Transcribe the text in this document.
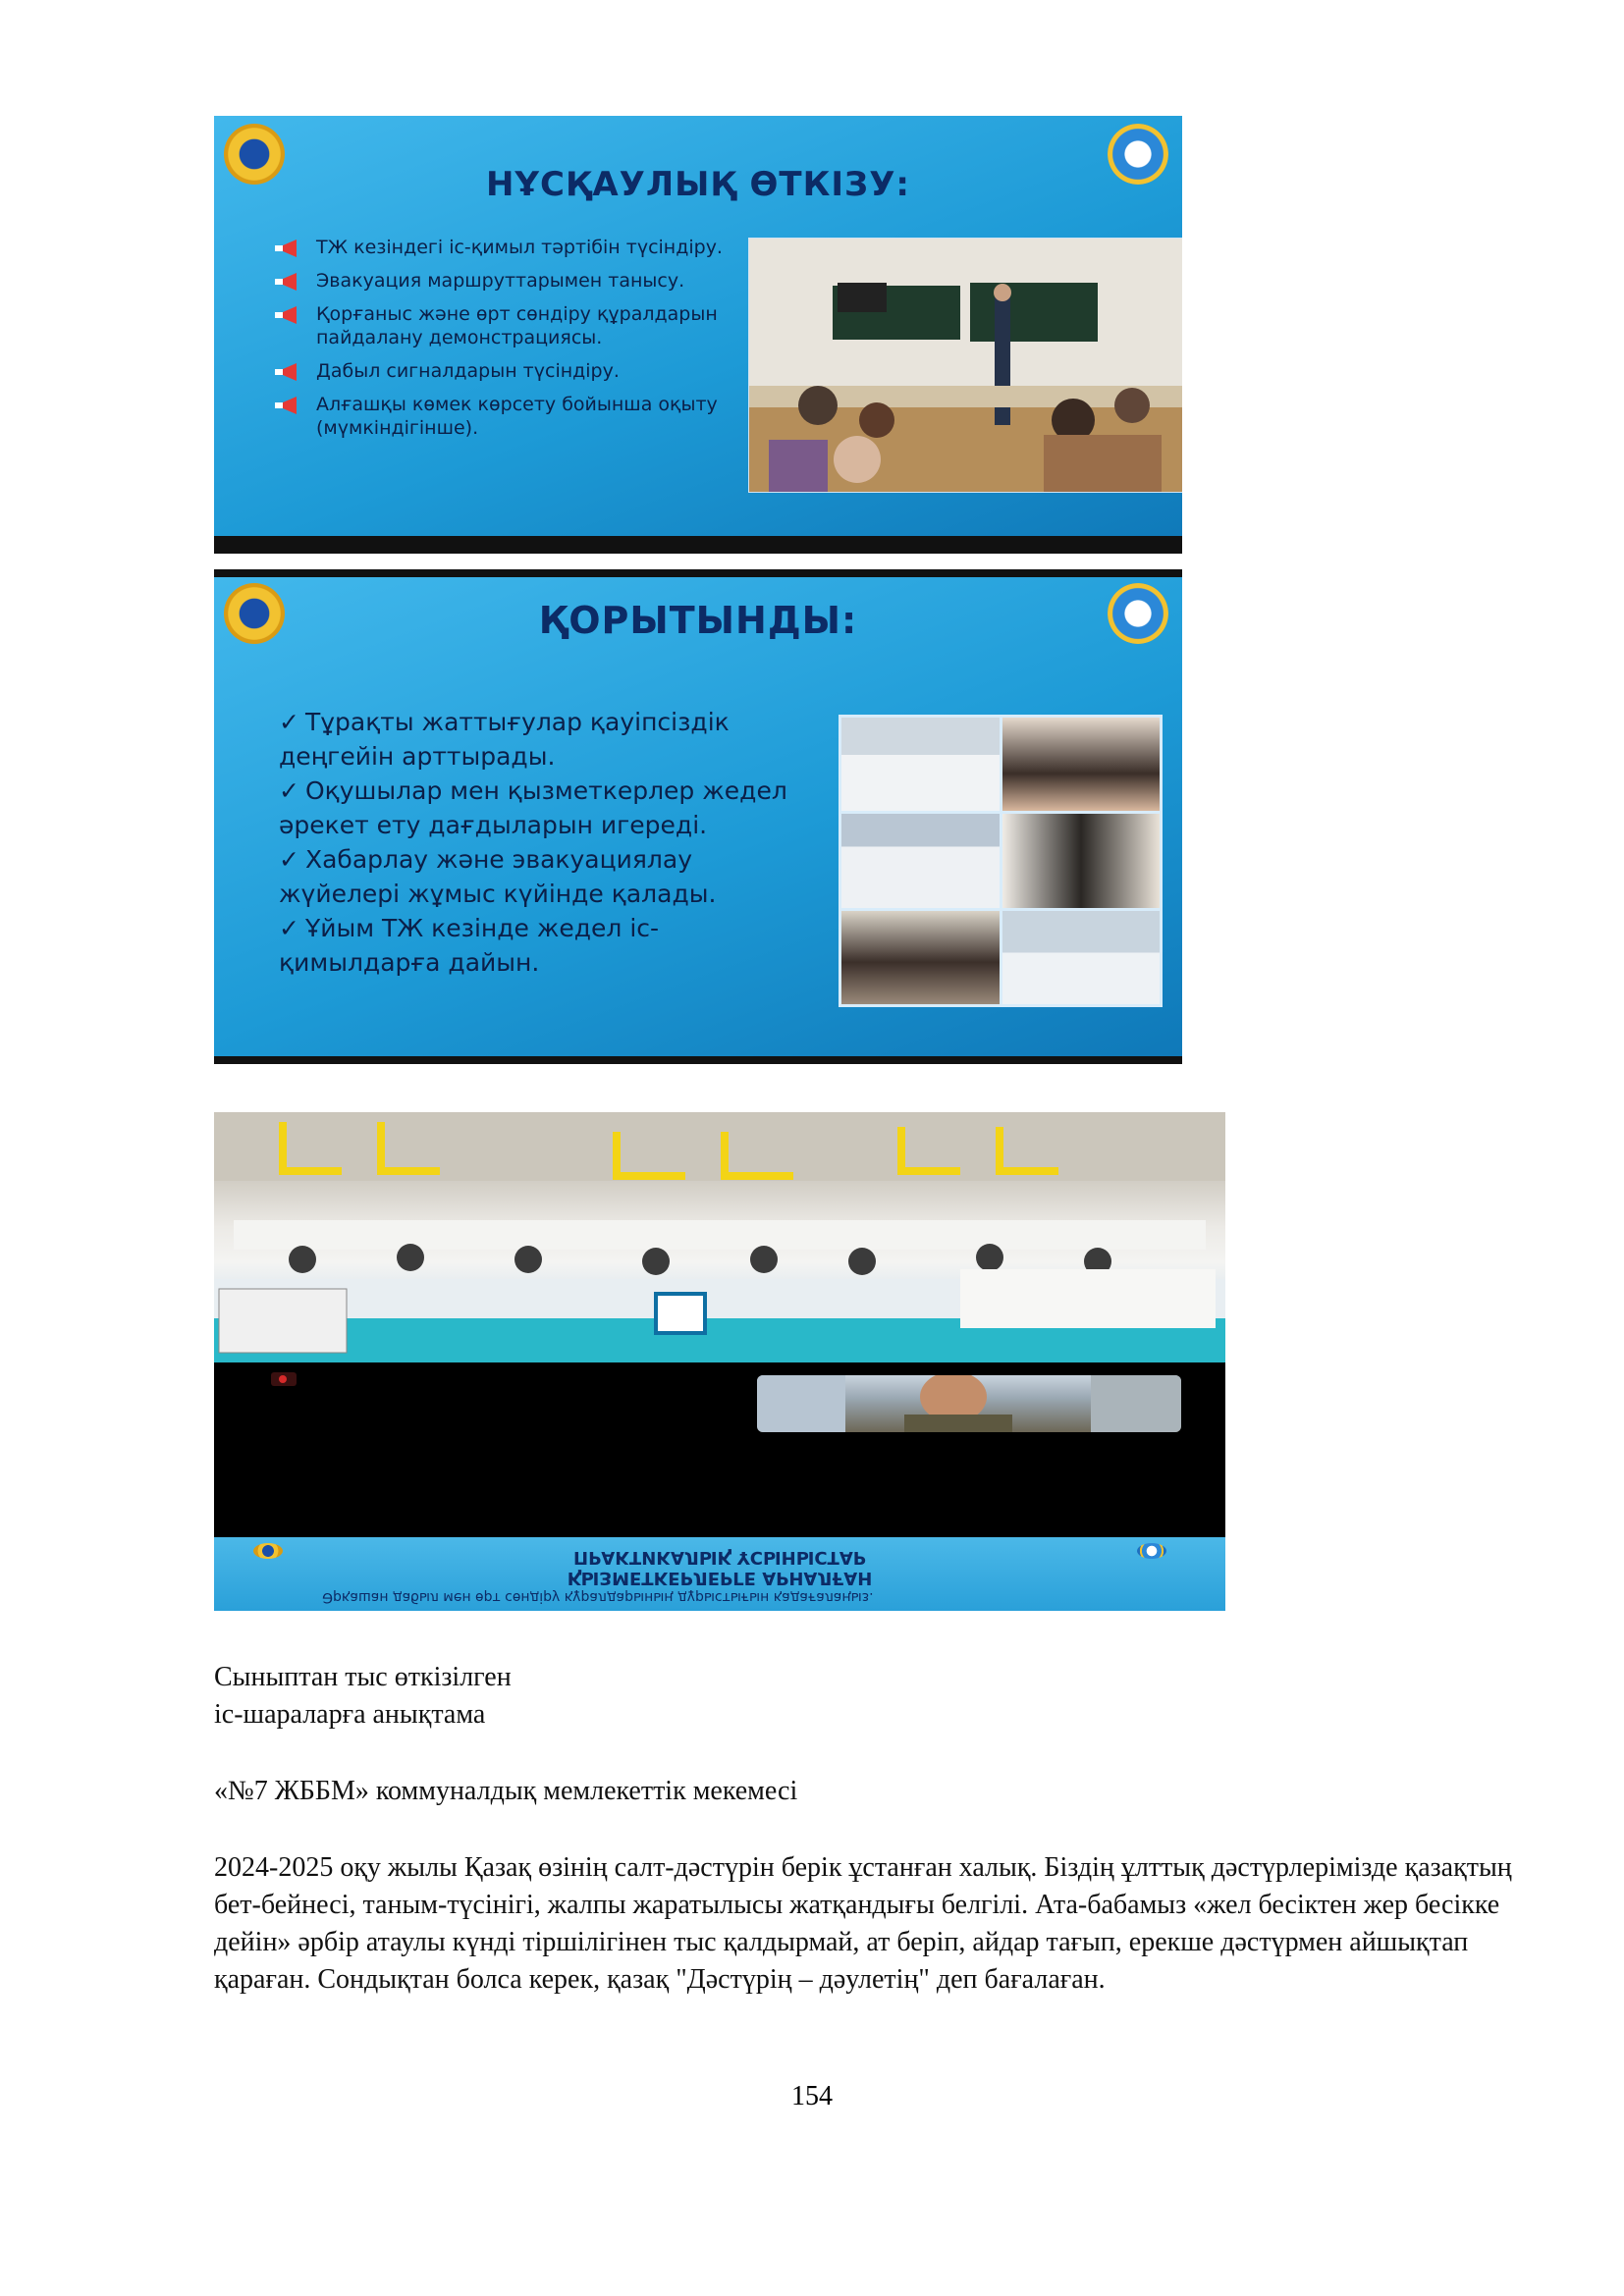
НҰСҚАУЛЫҚ ӨТКІЗУ:
ТЖ кезіндегі іс-қимыл тәртібін түсіндіру.
Эвакуация маршруттарымен танысу.
Қорғаныс және өрт сөндіру құралдарын пайдалану демонстрациясы.
Дабыл сигналдарын түсіндіру.
Алғашқы көмек көрсету бойынша оқыту (мүмкіндігінше).
ҚОРЫТЫНДЫ:
✓ Тұрақты жаттығулар қауіпсіздік деңгейін арттырады.
✓ Оқушылар мен қызметкерлер жедел әрекет ету дағдыларын игереді.
✓ Хабарлау және эвакуациялау жүйелері жұмыс күйінде қалады.
✓ Ұйым ТЖ кезінде жедел іс-қимылдарға дайын.
ҚЫЗМЕТКЕРЛЕРГЕ АРНАЛҒАН
ПРАКТИКАЛЫҚ ҰСЫНЫСТАР
Әрқашан дабыл мен өрт сөндіру құралдарының дұрыстығын қадағалаңыз.
Сыныптан тыс өткізілген
іс-шараларға анықтама
«№7 ЖББМ» коммуналдық мемлекеттік мекемесі
2024-2025 оқу жылы Қазақ өзінің салт-дәстүрін берік ұстанған халық. Біздің ұлттық дәстүрлерімізде қазақтың бет-бейнесі, таным-түсінігі, жалпы жаратылысы жатқандығы белгілі. Ата-бабамыз «жел бесіктен жер бесікке дейін» әрбір атаулы күнді тіршілігінен тыс қалдырмай, ат беріп, айдар тағып, ерекше дәстүрмен айшықтап қараған. Сондықтан болса керек, қазақ "Дәстүрің – дәулетің" деп бағалаған.
154
